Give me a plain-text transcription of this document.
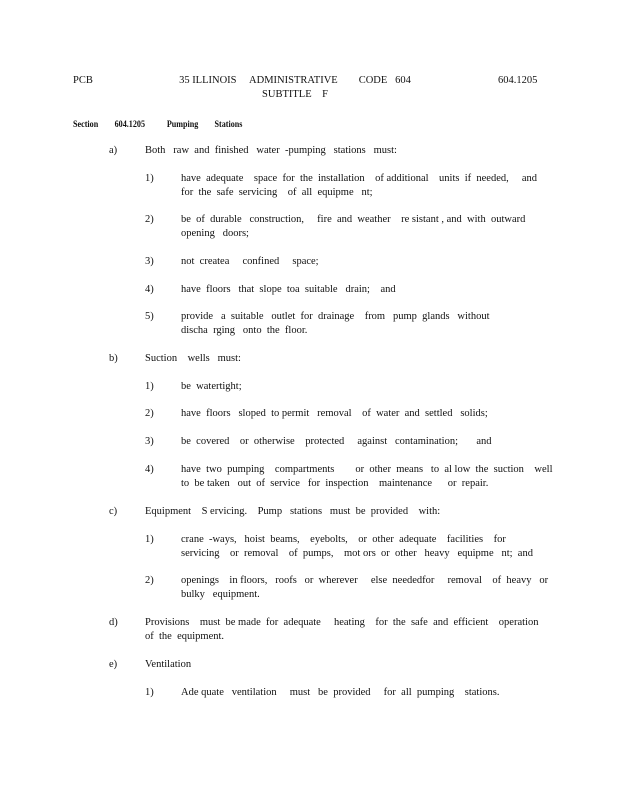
PCB	35 ILLINOIS     ADMINISTRATIVE        CODE   604
SUBTITLE    F
604.1205
Section 604.1205 Pumping        Stations
a)	Both   raw  and  finished   water  -pumping   stations   must:
1)	have  adequate    space  for  the  installation    of additional    units  if  needed,     and
for  the  safe  servicing    of  all  equipme   nt;
2)	be  of  durable   construction,     fire  and  weather    re sistant , and  with  outward
opening   doors;
3)	not  createa     confined     space;
4)	have  floors   that  slope  toa  suitable   drain;    and
5)	provide   a  suitable   outlet  for  drainage    from   pump  glands   without
discha  rging   onto  the  floor.
b)	Suction    wells   must:
1)	be  watertight;
2)	have  floors   sloped  to permit   removal    of  water  and  settled   solids;
3)	be  covered    or  otherwise    protected     against   contamination;       and
4)	have  two  pumping    compartments        or  other  means   to  al low  the  suction    well
to  be taken   out  of  service   for  inspection    maintenance      or  repair.
c)	Equipment    S ervicing.    Pump   stations   must  be  provided    with:
1)	crane  -ways,   hoist  beams,    eyebolts,    or  other  adequate    facilities    for
servicing    or  removal    of  pumps,    mot ors  or  other   heavy   equipme   nt;  and
2)	openings    in floors,   roofs   or  wherever     else  neededfor     removal    of  heavy   or
bulky   equipment.
d)	Provisions    must  be made  for  adequate     heating    for  the  safe  and  efficient    operation
of  the  equipment.
e)	Ventilation
1)	Ade quate   ventilation     must   be  provided     for  all  pumping    stations.
